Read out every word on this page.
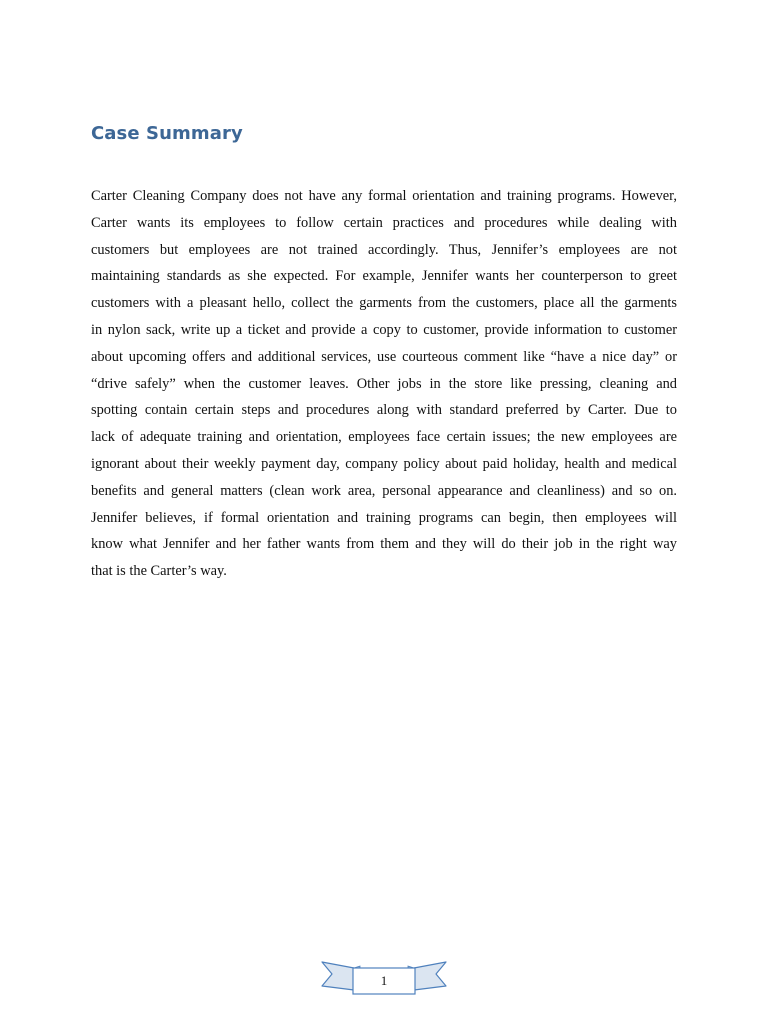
Case Summary
Carter Cleaning Company does not have any formal orientation and training programs. However,
Carter wants its employees to follow certain practices and procedures while dealing with
customers but employees are not trained accordingly. Thus, Jennifer’s employees are not
maintaining standards as she expected. For example, Jennifer wants her counterperson to greet
customers with a pleasant hello, collect the garments from the customers, place all the garments
in nylon sack, write up a ticket and provide a copy to customer, provide information to customer
about upcoming offers and additional services, use courteous comment like “have a nice day” or
“drive safely” when the customer leaves. Other jobs in the store like pressing, cleaning and
spotting contain certain steps and procedures along with standard preferred by Carter. Due to
lack of adequate training and orientation, employees face certain issues; the new employees are
ignorant about their weekly payment day, company policy about paid holiday, health and medical
benefits and general matters (clean work area, personal appearance and cleanliness) and so on.
Jennifer believes, if formal orientation and training programs can begin, then employees will
know what Jennifer and her father wants from them and they will do their job in the right way
that is the Carter’s way.
1
